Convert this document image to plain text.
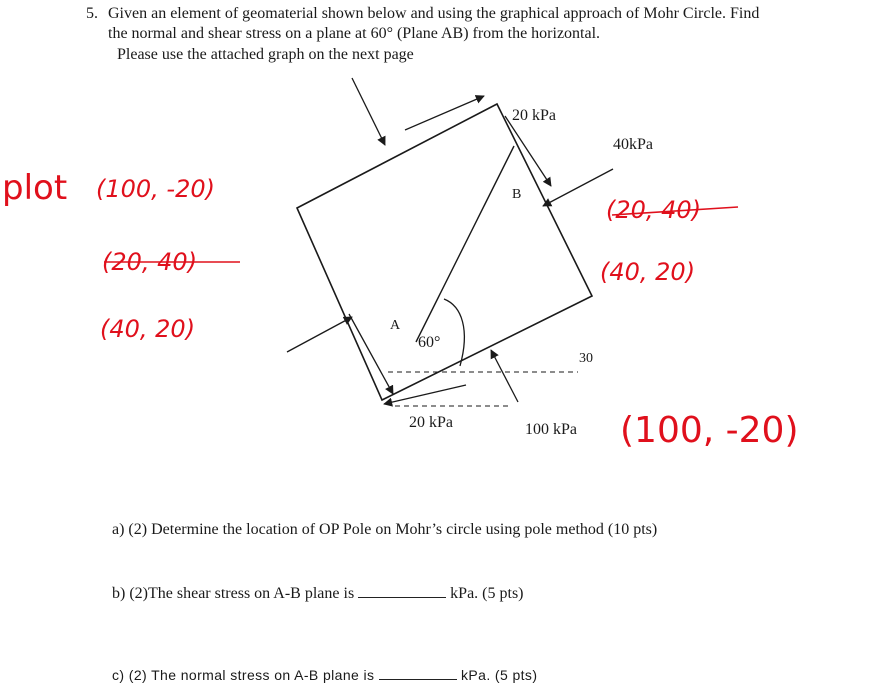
5. Given an element of geomaterial shown below and using the graphical approach of Mohr Circle. Find
the normal and shear stress on a plane at 60° (Plane AB) from the horizontal.
Please use the attached graph on the next page
20 kPa
40kPa
B
A
60°
30
20 kPa	100 kPa
plot (100, -20)
(20, 40)
(40, 20)
(20, 40)
(40, 20)
(100, -20)
a) (2) Determine the location of OP Pole on Mohr’s circle using pole method (10 pts)
b) (2)The shear stress on A-B plane is	kPa. (5 pts)
c) (2) The normal stress on A-B plane is	kPa. (5 pts)
